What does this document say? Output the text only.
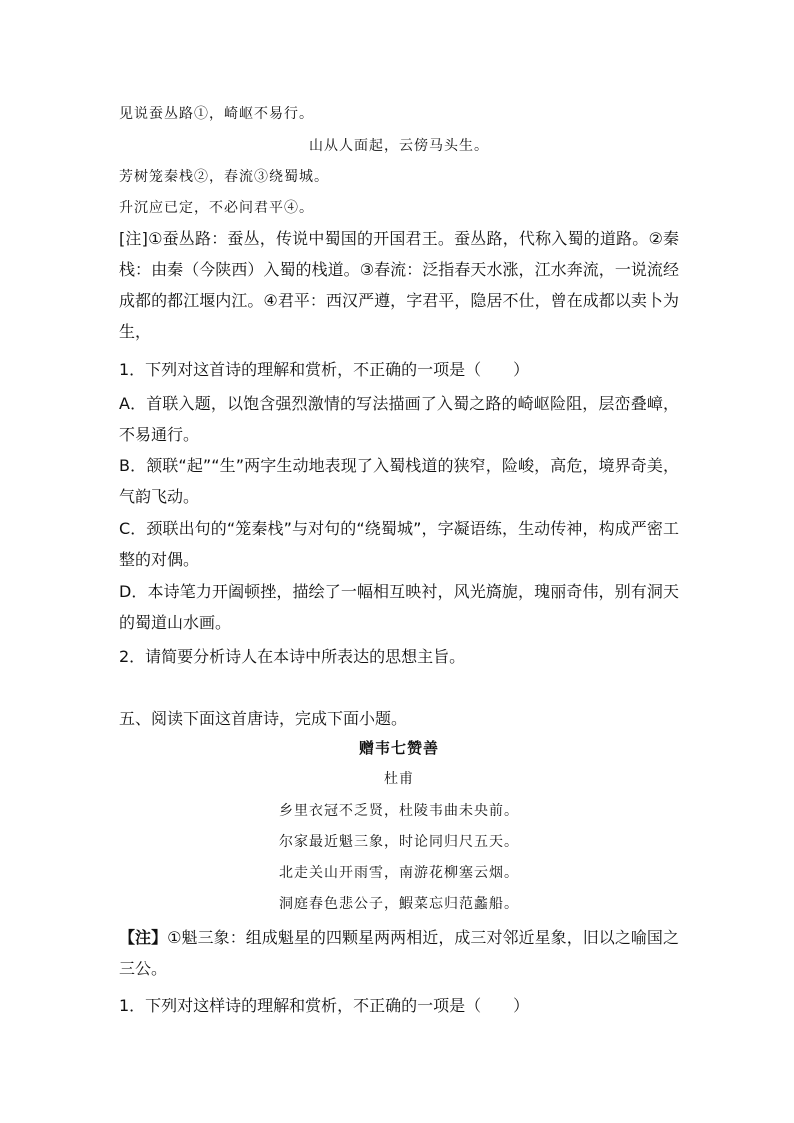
见说蚕丛路①，崎岖不易行。
山从人面起，云傍马头生。
芳树笼秦栈②，春流③绕蜀城。
升沉应已定，不必问君平④。
[注]①蚕丛路：蚕丛，传说中蜀国的开国君王。蚕丛路，代称入蜀的道路。②秦栈：由秦（今陕西）入蜀的栈道。③春流：泛指春天水涨，江水奔流，一说流经成都的都江堰内江。④君平：西汉严遵，字君平，隐居不仕，曾在成都以卖卜为生，
1．下列对这首诗的理解和赏析，不正确的一项是（　　）
A．首联入题，以饱含强烈激情的写法描画了入蜀之路的崎岖险阻，层峦叠嶂，不易通行。
B．颔联“起”“生”两字生动地表现了入蜀栈道的狭窄，险峻，高危，境界奇美，气韵飞动。
C．颈联出句的“笼秦栈”与对句的“绕蜀城”，字凝语练，生动传神，构成严密工整的对偶。
D．本诗笔力开阖顿挫，描绘了一幅相互映衬，风光旖旎，瑰丽奇伟，别有洞天的蜀道山水画。
2．请简要分析诗人在本诗中所表达的思想主旨。
五、阅读下面这首唐诗，完成下面小题。
赠韦七赞善
杜甫
乡里衣冠不乏贤，杜陵韦曲未央前。
尔家最近魁三象，时论同归尺五天。
北走关山开雨雪，南游花柳塞云烟。
洞庭春色悲公子，鰕菜忘归范蠡船。
【注】①魁三象：组成魁星的四颗星两两相近，成三对邻近星象，旧以之喻国之三公。
1．下列对这样诗的理解和赏析，不正确的一项是（　　）
